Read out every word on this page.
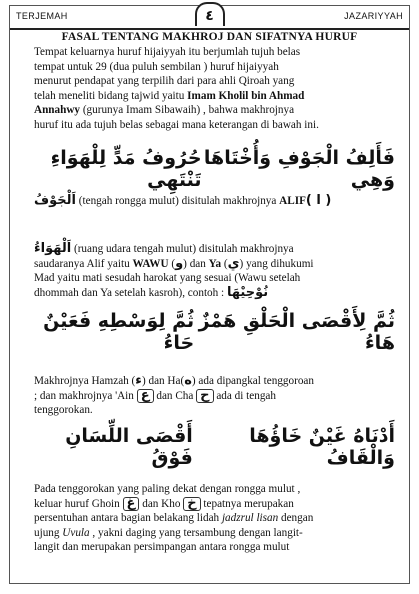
TERJEMAH	٤	JAZARIYYAH
FASAL TENTANG MAKHROJ DAN SIFATNYA HURUF
Tempat keluarnya huruf hijaiyyah itu berjumlah tujuh belas
tempat untuk 29 (dua puluh sembilan ) huruf hijaiyyah
menurut pendapat yang terpilih dari para ahli Qiroah yang
telah meneliti bidang tajwid yaitu Imam Kholil bin Ahmad
Annahwy (gurunya Imam Sibawaih) , bahwa makhrojnya
huruf itu ada tujuh belas sebagai mana keterangan di bawah ini.
حُرُوفُ مَدٍّ لِلْهَوَاءِ تَنْتَهِي
فَأَلِفُ الْجَوْفِ وَأُخْتَاهَا وَهِي
اَلْجَوْفُ (tengah rongga mulut) disitulah makhrojnya ALIF( ا )
اَلْهَوَاءُ (ruang udara tengah mulut) disitulah makhrojnya
saudaranya Alif yaitu WAWU (و) dan Ya (ي) yang dihukumi
Mad yaitu mati sesudah harokat yang sesuai (Wawu setelah
dhommah dan Ya setelah kasroh), contoh : نُوْحِيْهَا
ثُمَّ لِوَسْطِهِ فَعَيْنٌ حَاءُ
ثُمَّ لِأَقْصَى الْحَلْقِ هَمْزٌ هَاءُ
Makhrojnya Hamzah (ء) dan Ha(ه) ada dipangkal tenggoroan
; dan makhrojnya 'Ain ع dan Cha ح ada di tengah
tenggorokan.
أَقْصَى اللِّسَانِ فَوْقُ
أَدْنَاهُ غَيْنٌ خَاؤُهَا وَالْقَافُ
Pada tenggorokan yang paling dekat dengan rongga mulut ,
keluar huruf Ghoin غ dan Kho خ tepatnya merupakan
persentuhan antara bagian belakang lidah jadzrul lisan dengan
ujung Uvula , yakni daging yang tersambung dengan langit-
langit dan merupakan persimpangan antara rongga mulut
